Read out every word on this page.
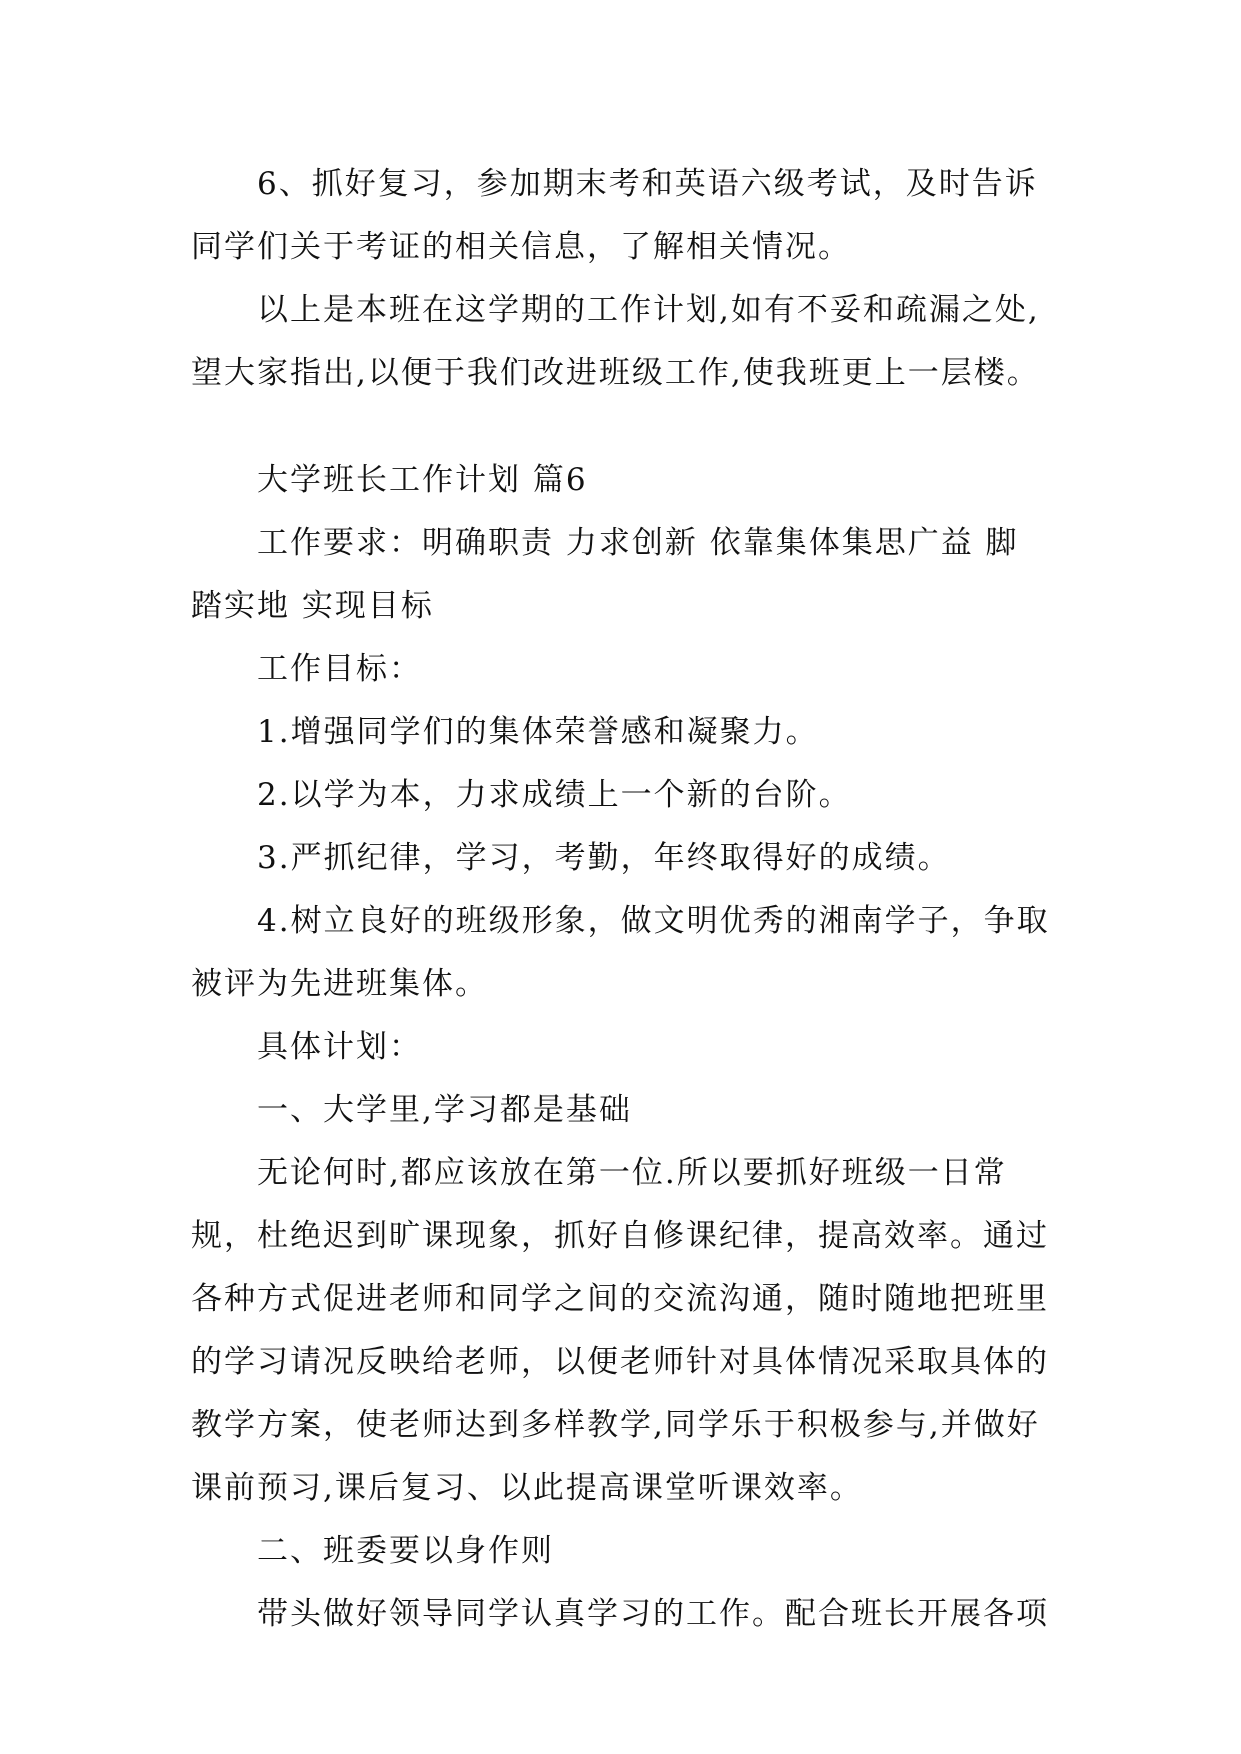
6、抓好复习，参加期末考和英语六级考试，及时告诉
同学们关于考证的相关信息，了解相关情况。
以上是本班在这学期的工作计划,如有不妥和疏漏之处,
望大家指出,以便于我们改进班级工作,使我班更上一层楼。
大学班长工作计划 篇6
工作要求：明确职责 力求创新 依靠集体集思广益 脚
踏实地 实现目标
工作目标：
1.增强同学们的集体荣誉感和凝聚力。
2.以学为本，力求成绩上一个新的台阶。
3.严抓纪律，学习，考勤，年终取得好的成绩。
4.树立良好的班级形象，做文明优秀的湘南学子，争取
被评为先进班集体。
具体计划：
一、大学里,学习都是基础
无论何时,都应该放在第一位.所以要抓好班级一日常
规，杜绝迟到旷课现象，抓好自修课纪律，提高效率。通过
各种方式促进老师和同学之间的交流沟通，随时随地把班里
的学习请况反映给老师，以便老师针对具体情况采取具体的
教学方案，使老师达到多样教学,同学乐于积极参与,并做好
课前预习,课后复习、以此提高课堂听课效率。
二、班委要以身作则
带头做好领导同学认真学习的工作。配合班长开展各项
